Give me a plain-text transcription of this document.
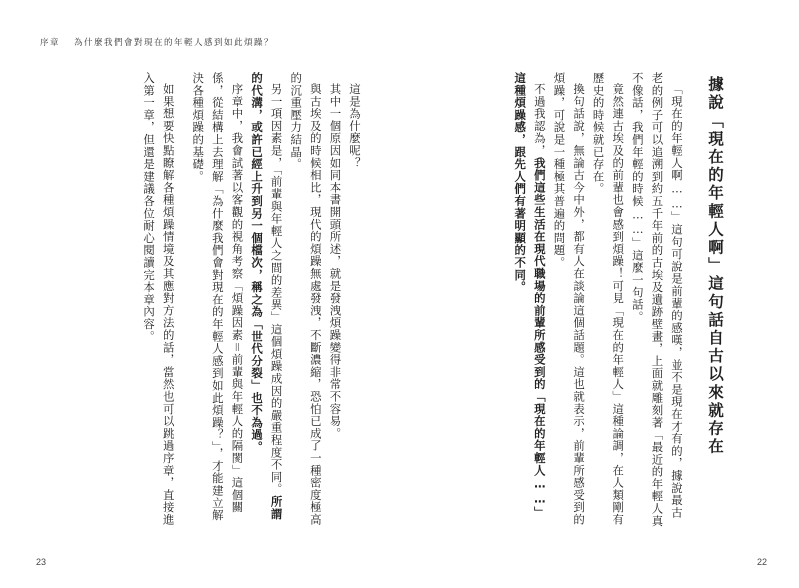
序章 為什麼我們會對現在的年輕人感到如此煩躁？
據說「現在的年輕人啊」這句話自古以來就存在

「現在的年輕人啊……」這句可說是前輩的感嘆，並不是現在才有的，據說最古老的例子可以追溯到約五千年前的古埃及遺跡壁畫，上面就雕刻著「最近的年輕人真不像話，我們年輕的時候……」這麼一句話。

竟然連古埃及的前輩也會感到煩躁！可見「現在的年輕人」這種論調，在人類剛有歷史的時候就已存在。

換句話說，無論古今中外，都有人在談論這個話題。這也就表示，前輩所感受到的煩躁，可說是一種極其普遍的問題。

不過我認為，我們這些生活在現代職場的前輩所感受到的「現在的年輕人……」這種煩躁感，跟先人們有著明顯的不同。

這是為什麼呢？

其中一個原因如同本書開頭所述，就是發洩煩躁變得非常不容易。

與古埃及的時候相比，現代的煩躁無處發洩，不斷濃縮，恐怕已成了一種密度極高的沉重壓力結晶。

另一項因素是，「前輩與年輕人之間的差異」這個煩躁成因的嚴重程度不同。所謂的代溝，或許已經上升到另一個檔次，稱之為「世代分裂」也不為過。

序章中，我會試著以客觀的視角考察「煩躁因素＝前輩與年輕人的隔閡」這個關係，從結構上去理解「為什麼我們會對現在的年輕人感到如此煩躁？」，才能建立解決各種煩躁的基礎。

如果想要快點瞭解各種煩躁情境及其應對方法的話，當然也可以跳過序章，直接進入第一章，但還是建議各位耐心閱讀完本章內容。

23	22
